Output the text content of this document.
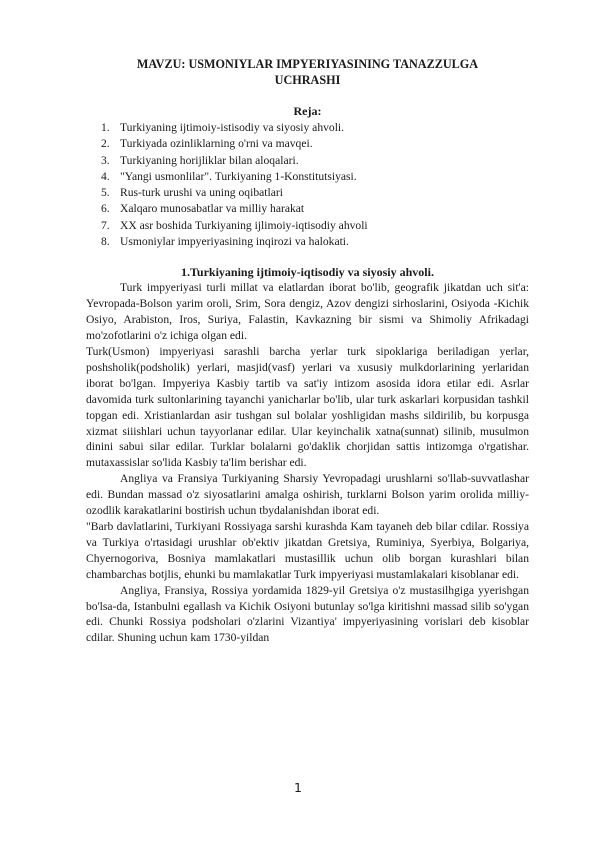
MAVZU: USMONIYLAR IMPYERIYASINING TANAZZULGA UCHRASHI
Reja:
1. Turkiyaning ijtimoiy-istisodiy va siyosiy ahvoli.
2. Turkiyada ozinliklarning o'rni va mavqei.
3. Turkiyaning horijliklar bilan aloqalari.
4. "Yangi usmonlilar". Turkiyaning 1-Konstitutsiyasi.
5. Rus-turk urushi va uning oqibatlari
6. Xalqaro munosabatlar va milliy harakat
7. XX asr boshida Turkiyaning ijlimoiy-iqtisodiy ahvoli
8. Usmoniylar impyeriyasining inqirozi va halokati.
1.Turkiyaning ijtimoiy-iqtisodiy va siyosiy ahvoli.

Turk impyeriyasi turli millat va elatlardan iborat bo'lib, geografik jikatdan uch sit'a: Yevropada-Bolson yarim oroli, Srim, Sora dengiz, Azov dengizi sirhoslarini, Osiyoda -Kichik Osiyo, Arabiston, Iros, Suriya, Falastin, Kavkazning bir sismi va Shimoliy Afrikadagi mo'zofotlarini o'z ichiga olgan edi.

Turk(Usmon) impyeriyasi sarashli barcha yerlar turk sipoklariga beriladigan yerlar, poshsholik(podsholik) yerlari, masjid(vasf) yerlari va xususiy mulkdorlarining yerlaridan iborat bo'lgan. Impyeriya Kasbiy tartib va sat'iy intizom asosida idora etilar edi. Asrlar davomida turk sultonlarining tayanchi yanicharlar bo'lib, ular turk askarlari korpusidan tashkil topgan edi. Xristianlardan asir tushgan sul bolalar yoshligidan mashs sildirilib, bu korpusga xizmat siiishlari uchun tayyorlanar edilar. Ular keyinchalik xatna(sunnat) silinib, musulmon dinini sabui silar edilar. Turklar bolalarni go'daklik chorjidan sattis intizomga o'rgatishar. mutaxassislar so'lida Kasbiy ta'lim berishar edi.

Angliya va Fransiya Turkiyaning Sharsiy Yevropadagi urushlarni so'llab-suvvatlashar edi. Bundan massad o'z siyosatlarini amalga oshirish, turklarni Bolson yarim orolida milliy-ozodlik karakatlarini bostirish uchun tbydalanishdan iborat edi.

"Barb davlatlarini, Turkiyani Rossiyaga sarshi kurashda Kam tayaneh deb bilar cdilar. Rossiya va Turkiya o'rtasidagi urushlar ob'ektiv jikatdan Gretsiya, Ruminiya, Syerbiya, Bolgariya, Chyernogoriva, Bosniya mamlakatlari mustasillik uchun olib borgan kurashlari bilan chambarchas botjlis, ehunki bu mamlakatlar Turk impyeriyasi mustamlakalari kisoblanar edi.

Angliya, Fransiya, Rossiya yordamida 1829-yil Gretsiya o'z mustasilhgiga yyerishgan bo'lsa-da, Istanbulni egallash va Kichik Osiyoni butunlay so'lga kiritishni massad silib so'ygan edi. Chunki Rossiya podsholari o'zlarini Vizantiya' impyeriyasining vorislari deb kisoblar cdilar. Shuning uchun kam 1730-yildan

1
